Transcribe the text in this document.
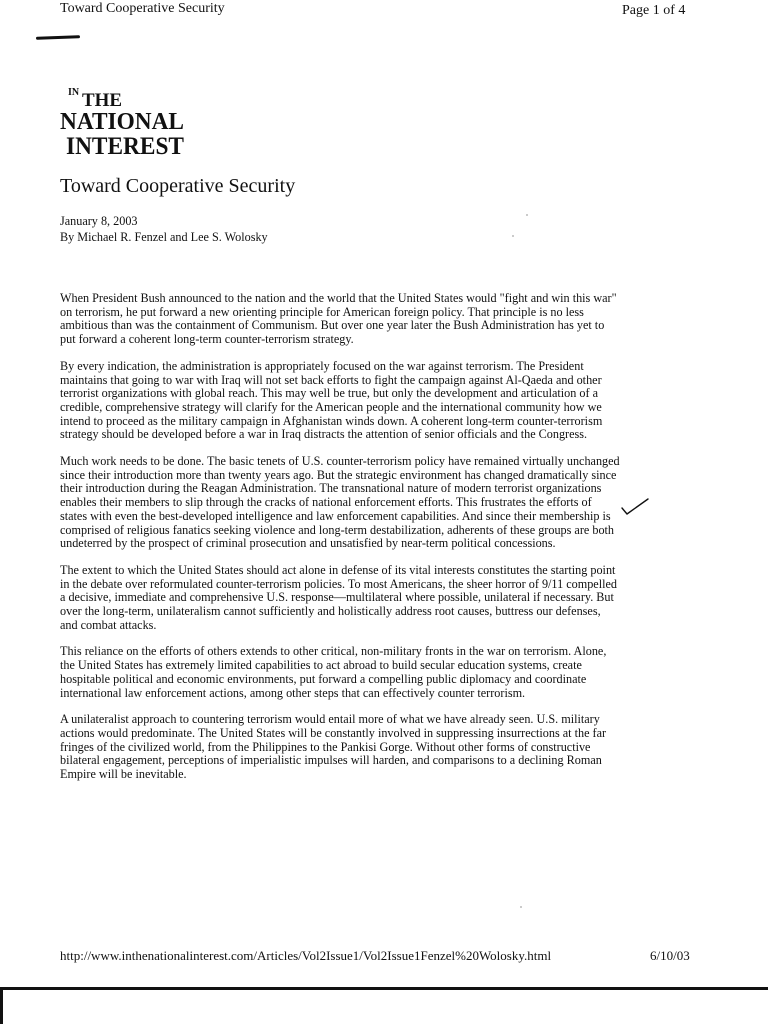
Toward Cooperative Security	Page 1 of 4
IN THE
NATIONAL
INTEREST
Toward Cooperative Security
January 8, 2003
By Michael R. Fenzel and Lee S. Wolosky

When President Bush announced to the nation and the world that the United States would "fight and win this war" on terrorism, he put forward a new orienting principle for American foreign policy. That principle is no less ambitious than was the containment of Communism. But over one year later the Bush Administration has yet to put forward a coherent long-term counter-terrorism strategy.

By every indication, the administration is appropriately focused on the war against terrorism. The President maintains that going to war with Iraq will not set back efforts to fight the campaign against Al-Qaeda and other terrorist organizations with global reach. This may well be true, but only the development and articulation of a credible, comprehensive strategy will clarify for the American people and the international community how we intend to proceed as the military campaign in Afghanistan winds down. A coherent long-term counter-terrorism strategy should be developed before a war in Iraq distracts the attention of senior officials and the Congress.

Much work needs to be done. The basic tenets of U.S. counter-terrorism policy have remained virtually unchanged since their introduction more than twenty years ago. But the strategic environment has changed dramatically since their introduction during the Reagan Administration. The transnational nature of modern terrorist organizations enables their members to slip through the cracks of national enforcement efforts. This frustrates the efforts of states with even the best-developed intelligence and law enforcement capabilities. And since their membership is comprised of religious fanatics seeking violence and long-term destabilization, adherents of these groups are both undeterred by the prospect of criminal prosecution and unsatisfied by near-term political concessions.

The extent to which the United States should act alone in defense of its vital interests constitutes the starting point in the debate over reformulated counter-terrorism policies. To most Americans, the sheer horror of 9/11 compelled a decisive, immediate and comprehensive U.S. response—multilateral where possible, unilateral if necessary. But over the long-term, unilateralism cannot sufficiently and holistically address root causes, buttress our defenses, and combat attacks.

This reliance on the efforts of others extends to other critical, non-military fronts in the war on terrorism. Alone, the United States has extremely limited capabilities to act abroad to build secular education systems, create hospitable political and economic environments, put forward a compelling public diplomacy and coordinate international law enforcement actions, among other steps that can effectively counter terrorism.

A unilateralist approach to countering terrorism would entail more of what we have already seen. U.S. military actions would predominate. The United States will be constantly involved in suppressing insurrections at the far fringes of the civilized world, from the Philippines to the Pankisi Gorge. Without other forms of constructive bilateral engagement, perceptions of imperialistic impulses will harden, and comparisons to a declining Roman Empire will be inevitable.

http://www.inthenationalinterest.com/Articles/Vol2Issue1/Vol2Issue1Fenzel%20Wolosky.html	6/10/03
